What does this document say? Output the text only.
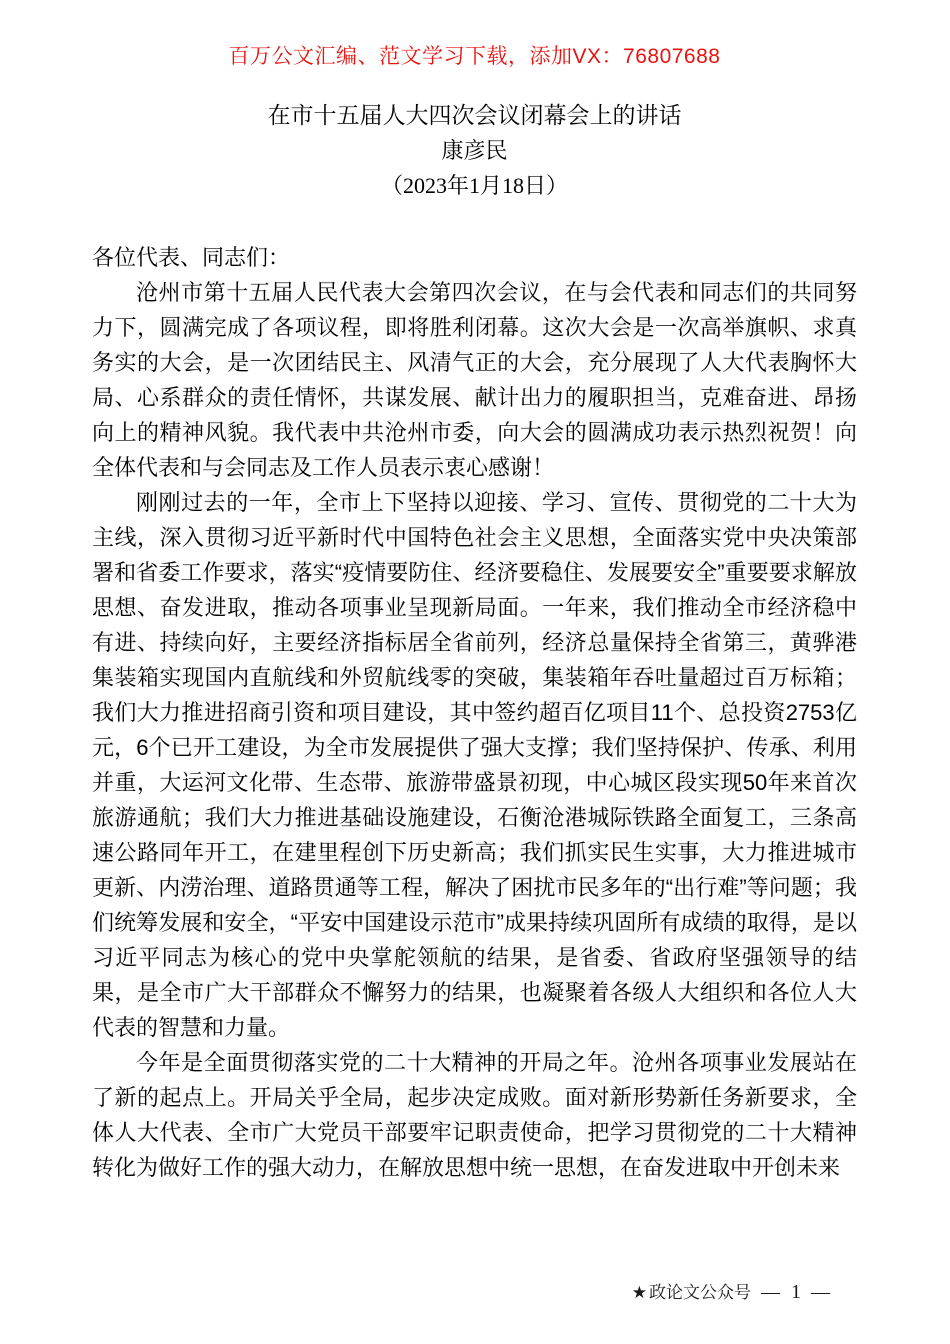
百万公文汇编、范文学习下载，添加VX：76807688
在市十五届人大四次会议闭幕会上的讲话
康彦民
（2023年1月18日）

各位代表、同志们：

沧州市第十五届人民代表大会第四次会议，在与会代表和同志们的共同努力下，圆满完成了各项议程，即将胜利闭幕。这次大会是一次高举旗帜、求真务实的大会，是一次团结民主、风清气正的大会，充分展现了人大代表胸怀大局、心系群众的责任情怀，共谋发展、献计出力的履职担当，克难奋进、昂扬向上的精神风貌。我代表中共沧州市委，向大会的圆满成功表示热烈祝贺！向全体代表和与会同志及工作人员表示衷心感谢！

刚刚过去的一年，全市上下坚持以迎接、学习、宣传、贯彻党的二十大为主线，深入贯彻习近平新时代中国特色社会主义思想，全面落实党中央决策部署和省委工作要求，落实“疫情要防住、经济要稳住、发展要安全”重要要求解放思想、奋发进取，推动各项事业呈现新局面。一年来，我们推动全市经济稳中有进、持续向好，主要经济指标居全省前列，经济总量保持全省第三，黄骅港集装箱实现国内直航线和外贸航线零的突破，集装箱年吞吐量超过百万标箱；我们大力推进招商引资和项目建设，其中签约超百亿项目11个、总投资2753亿元，6个已开工建设，为全市发展提供了强大支撑；我们坚持保护、传承、利用并重，大运河文化带、生态带、旅游带盛景初现，中心城区段实现50年来首次旅游通航；我们大力推进基础设施建设，石衡沧港城际铁路全面复工，三条高速公路同年开工，在建里程创下历史新高；我们抓实民生实事，大力推进城市更新、内涝治理、道路贯通等工程，解决了困扰市民多年的“出行难”等问题；我们统筹发展和安全，“平安中国建设示范市”成果持续巩固所有成绩的取得，是以习近平同志为核心的党中央掌舵领航的结果，是省委、省政府坚强领导的结果，是全市广大干部群众不懈努力的结果，也凝聚着各级人大组织和各位人大代表的智慧和力量。

今年是全面贯彻落实党的二十大精神的开局之年。沧州各项事业发展站在了新的起点上。开局关乎全局，起步决定成败。面对新形势新任务新要求，全体人大代表、全市广大党员干部要牢记职责使命，把学习贯彻党的二十大精神转化为做好工作的强大动力，在解放思想中统一思想，在奋发进取中开创未来

★ 政论文公众号 — 1 —
